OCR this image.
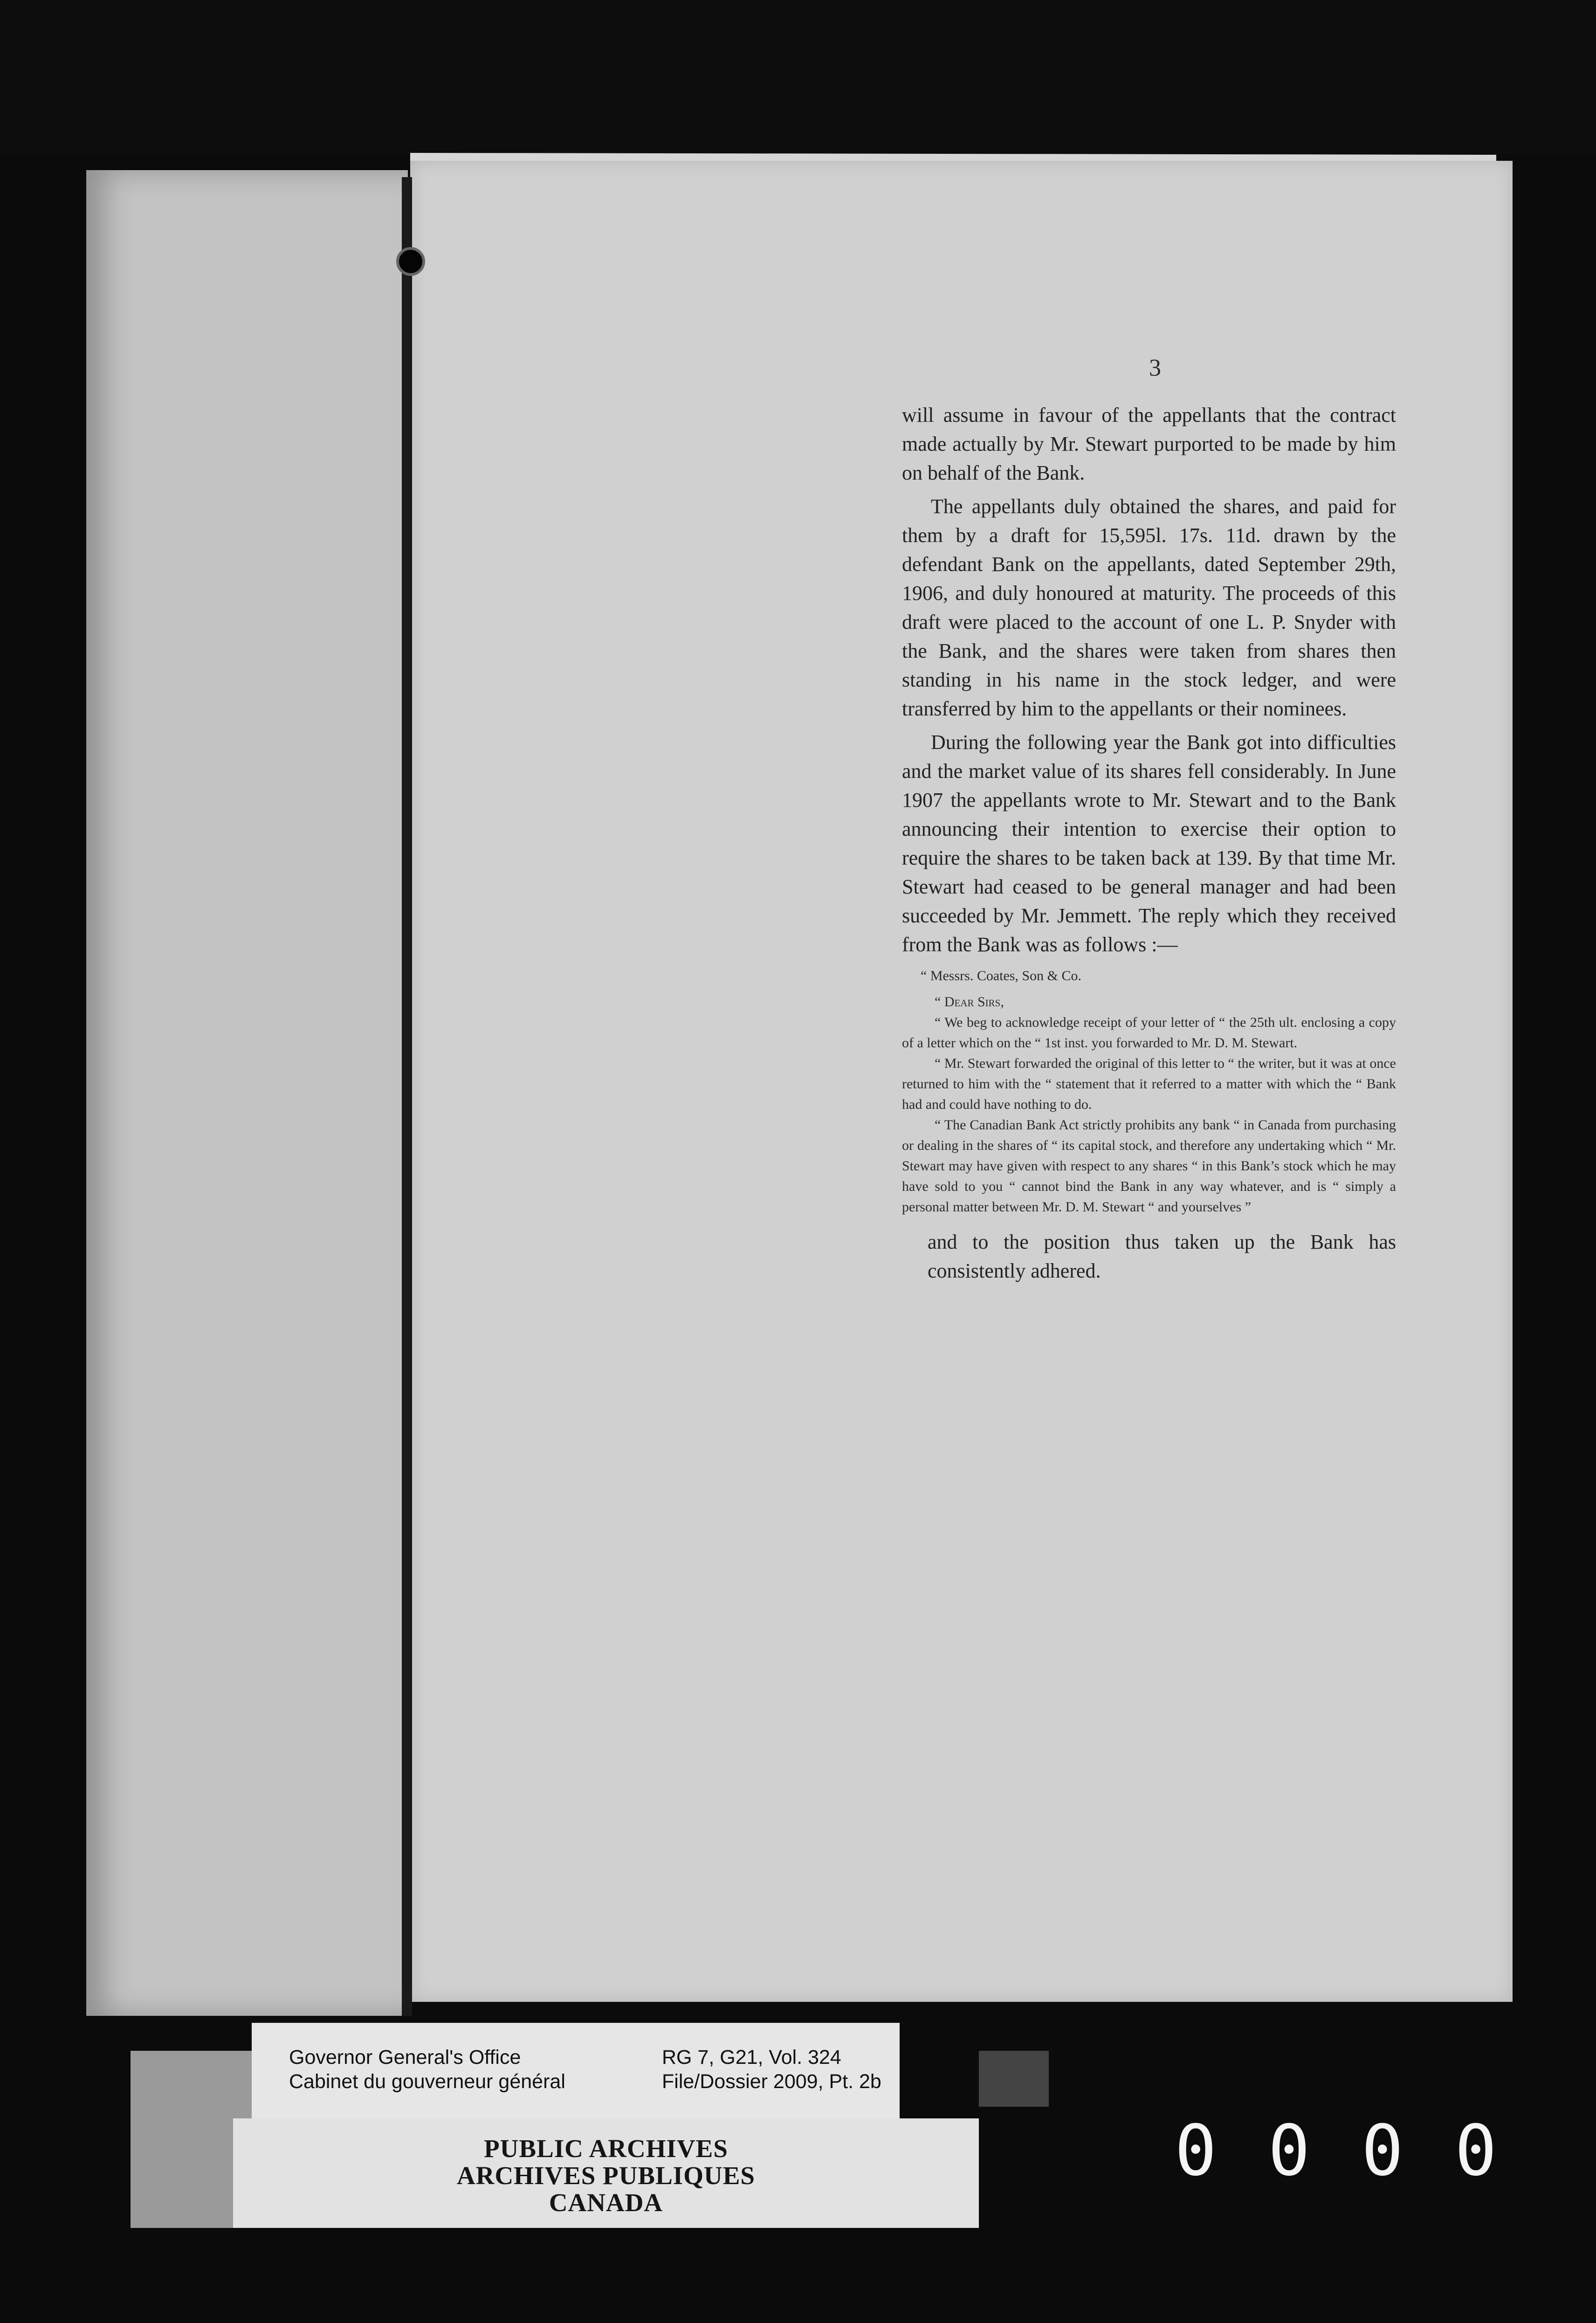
3

will assume in favour of the appellants that the contract made actually by Mr. Stewart purported to be made by him on behalf of the Bank.

The appellants duly obtained the shares, and paid for them by a draft for 15,595l. 17s. 11d. drawn by the defendant Bank on the appellants, dated September 29th, 1906, and duly honoured at maturity. The proceeds of this draft were placed to the account of one L. P. Snyder with the Bank, and the shares were taken from shares then standing in his name in the stock ledger, and were transferred by him to the appellants or their nominees.

During the following year the Bank got into difficulties and the market value of its shares fell considerably. In June 1907 the appellants wrote to Mr. Stewart and to the Bank announcing their intention to exercise their option to require the shares to be taken back at 139. By that time Mr. Stewart had ceased to be general manager and had been succeeded by Mr. Jemmett. The reply which they received from the Bank was as follows :—

“ Messrs. Coates, Son & Co.

“ Dear Sirs,

“ We beg to acknowledge receipt of your letter of “ the 25th ult. enclosing a copy of a letter which on the “ 1st inst. you forwarded to Mr. D. M. Stewart.

“ Mr. Stewart forwarded the original of this letter to “ the writer, but it was at once returned to him with the “ statement that it referred to a matter with which the “ Bank had and could have nothing to do.

“ The Canadian Bank Act strictly prohibits any bank “ in Canada from purchasing or dealing in the shares of “ its capital stock, and therefore any undertaking which “ Mr. Stewart may have given with respect to any shares “ in this Bank’s stock which he may have sold to you “ cannot bind the Bank in any way whatever, and is “ simply a personal matter between Mr. D. M. Stewart “ and yourselves ”

and to the position thus taken up the Bank has consistently adhered.

Governor General's Office
Cabinet du gouverneur général
RG 7, G21, Vol. 324
File/Dossier 2009, Pt. 2b
PUBLIC ARCHIVES
ARCHIVES PUBLIQUES
CANADA
0 0 0 0
